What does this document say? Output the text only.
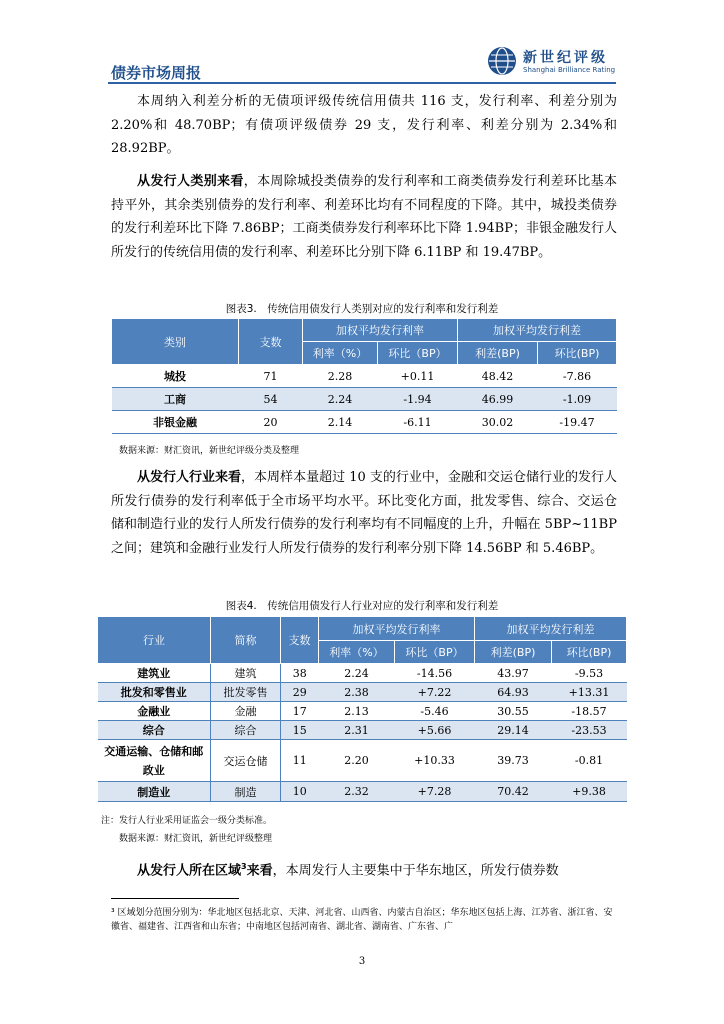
债券市场周报
新世纪评级
Shanghai Brilliance Rating

本周纳入利差分析的无债项评级传统信用债共 116 支，发行利率、利差分别为 2.20%和 48.70BP；有债项评级债券 29 支，发行利率、利差分别为 2.34%和 28.92BP。

从发行人类别来看，本周除城投类债券的发行利率和工商类债券发行利差环比基本持平外，其余类别债券的发行利率、利差环比均有不同程度的下降。其中，城投类债券的发行利差环比下降 7.86BP；工商类债券发行利率环比下降 1.94BP；非银金融发行人所发行的传统信用债的发行利率、利差环比分别下降 6.11BP 和 19.47BP。

图表3.　传统信用债发行人类别对应的发行利率和发行利差
类别	支数	加权平均发行利率		加权平均发行利差	
		利率（%）	环比（BP）	利差(BP)	环比(BP)
城投	71	2.28	+0.11	48.42	-7.86
工商	54	2.24	-1.94	46.99	-1.09
非银金融	20	2.14	-6.11	30.02	-19.47
数据来源：财汇资讯，新世纪评级分类及整理

从发行人行业来看，本周样本量超过 10 支的行业中，金融和交运仓储行业的发行人所发行债券的发行利率低于全市场平均水平。环比变化方面，批发零售、综合、交运仓储和制造行业的发行人所发行债券的发行利率均有不同幅度的上升，升幅在 5BP~11BP 之间；建筑和金融行业发行人所发行债券的发行利率分别下降 14.56BP 和 5.46BP。

图表4.　传统信用债发行人行业对应的发行利率和发行利差
行业	简称	支数	加权平均发行利率		加权平均发行利差	
			利率（%）	环比（BP）	利差(BP)	环比(BP)
建筑业	建筑	38	2.24	-14.56	43.97	-9.53
批发和零售业	批发零售	29	2.38	+7.22	64.93	+13.31
金融业	金融	17	2.13	-5.46	30.55	-18.57
综合	综合	15	2.31	+5.66	29.14	-23.53
交通运输、仓储和邮政业	交运仓储	11	2.20	+10.33	39.73	-0.81
制造业	制造	10	2.32	+7.28	70.42	+9.38
注：发行人行业采用证监会一级分类标准。
数据来源：财汇资讯，新世纪评级整理

从发行人所在区域$^3$来看，本周发行人主要集中于华东地区，所发行债券数

³ 区域划分范围分别为：华北地区包括北京、天津、河北省、山西省、内蒙古自治区；华东地区包括上海、江苏省、浙江省、安徽省、福建省、江西省和山东省；中南地区包括河南省、湖北省、湖南省、广东省、广
3
